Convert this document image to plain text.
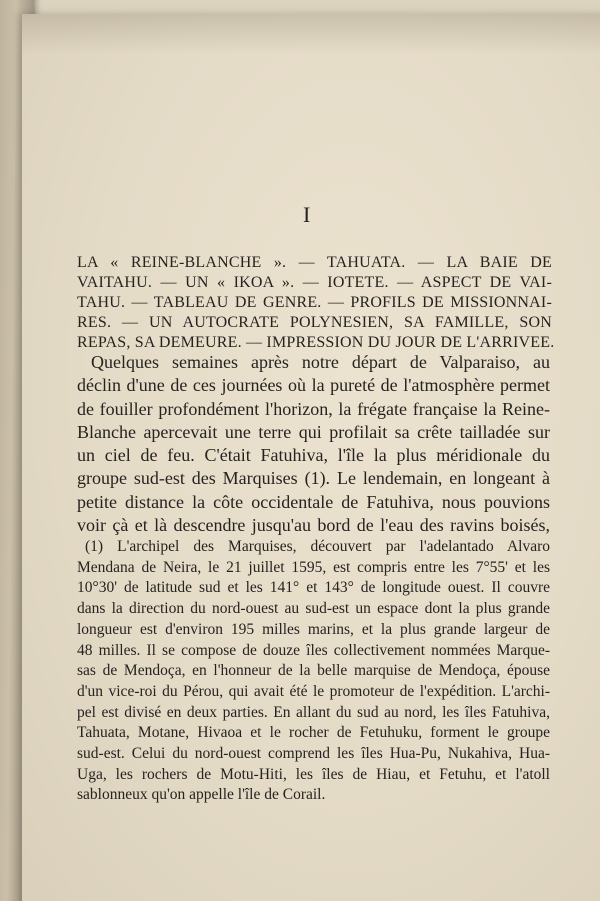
I
LA « REINE-BLANCHE ». — TAHUATA. — LA BAIE DE
VAITAHU. — UN « IKOA ». — IOTETE. — ASPECT DE VAI-
TAHU. — TABLEAU DE GENRE. — PROFILS DE MISSIONNAI-
RES. — UN AUTOCRATE POLYNESIEN, SA FAMILLE, SON
REPAS, SA DEMEURE. — IMPRESSION DU JOUR DE L'ARRIVEE.
Quelques semaines après notre départ de Valparaiso, au
déclin d'une de ces journées où la pureté de l'atmosphère permet
de fouiller profondément l'horizon, la frégate française la Reine-
Blanche apercevait une terre qui profilait sa crête tailladée sur
un ciel de feu. C'était Fatuhiva, l'île la plus méridionale du
groupe sud-est des Marquises (1). Le lendemain, en longeant à
petite distance la côte occidentale de Fatuhiva, nous pouvions
voir çà et là descendre jusqu'au bord de l'eau des ravins boisés,
(1) L'archipel des Marquises, découvert par l'adelantado Alvaro
Mendana de Neira, le 21 juillet 1595, est compris entre les 7°55' et les
10°30' de latitude sud et les 141° et 143° de longitude ouest. Il couvre
dans la direction du nord-ouest au sud-est un espace dont la plus grande
longueur est d'environ 195 milles marins, et la plus grande largeur de
48 milles. Il se compose de douze îles collectivement nommées Marque-
sas de Mendoça, en l'honneur de la belle marquise de Mendoça, épouse
d'un vice-roi du Pérou, qui avait été le promoteur de l'expédition. L'archi-
pel est divisé en deux parties. En allant du sud au nord, les îles Fatuhiva,
Tahuata, Motane, Hivaoa et le rocher de Fetuhuku, forment le groupe
sud-est. Celui du nord-ouest comprend les îles Hua-Pu, Nukahiva, Hua-
Uga, les rochers de Motu-Hiti, les îles de Hiau, et Fetuhu, et l'atoll
sablonneux qu'on appelle l'île de Corail.
